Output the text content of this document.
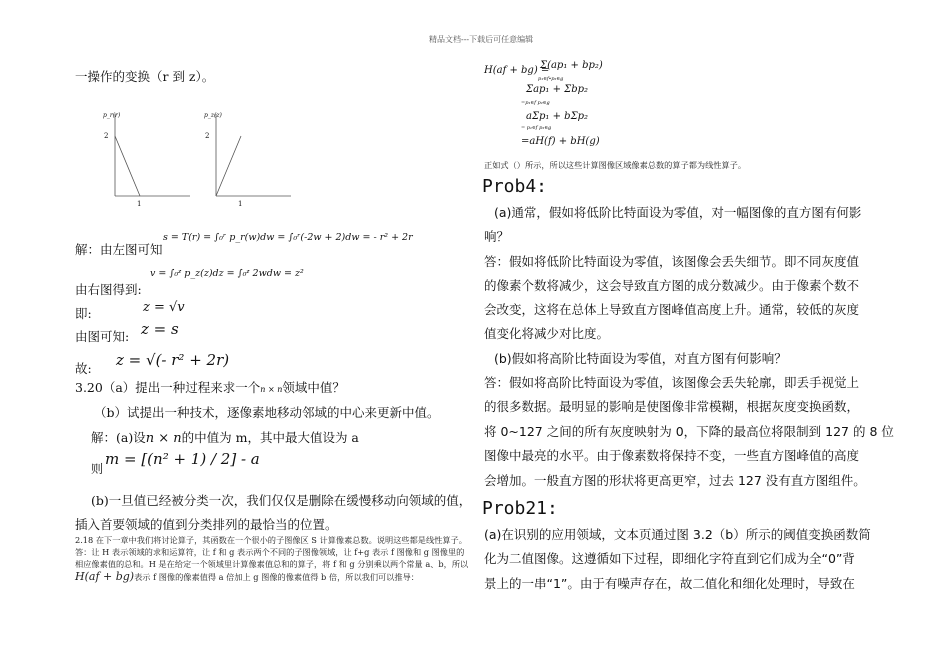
精品文档---下载后可任意编辑
一操作的变换（r 到 z）。
p_r(r)
2
1
p_z(z)
2
1
解：由左图可知
s = T(r) = ∫₀ʳ p_r(w)dw = ∫₀ʳ(-2w + 2)dw = - r² + 2r
由右图得到:
v = ∫₀ᶻ p_z(z)dz = ∫₀ᶻ 2wdw = z²
即:	z = √v
由图可知: z = s
故: z = √(- r² + 2r)
3.20（a）提出一种过程来求一个n × n领域中值？
（b）试提出一种技术，逐像素地移动邻域的中心来更新中值。
解：(a)设n × n的中值为 m，其中最大值设为 a
则
m = [(n² + 1) / 2] - a
(b)一旦值已经被分类一次，我们仅仅是删除在缓慢移动向领域的值，
插入首要领域的值到分类排列的最恰当的位置。
2.18 在下一章中我们将讨论算子，其函数在一个很小的子图像区 S 计算像素总数。说明这些都是线性算子。
答：让 H 表示领域的求和运算符，让 f 和 g 表示两个不同的子图像领域，让 f+g 表示 f 图像和 g 图像里的
相应像素值的总和。H 是在给定一个领域里计算像素值总和的算子，将 f 和 g 分别乘以两个常量 a、b，所以
H(af + bg)表示 f 图像的像素值得 a 倍加上 g 图像的像素值得 b 倍，所以我们可以推导：
H(af + bg) =
Σ(ap₁ + bp₂)
p₁∈f∙p₂∈g
Σap₁ + Σbp₂
=p₁∈f p₂∈g
aΣp₁ + bΣp₂
= p₁∈f p₂∈g
=aH(f) + bH(g)
正如式（）所示，所以这些计算图像区域像素总数的算子都为线性算子。
Prob4:
(a)通常，假如将低阶比特面设为零值，对一幅图像的直方图有何影
响？
答：假如将低阶比特面设为零值，该图像会丢失细节。即不同灰度值
的像素个数将减少，这会导致直方图的成分数减少。由于像素个数不
会改变，这将在总体上导致直方图峰值高度上升。通常，较低的灰度
值变化将减少对比度。
(b)假如将高阶比特面设为零值，对直方图有何影响？
答：假如将高阶比特面设为零值，该图像会丢失轮廓，即丢手视觉上
的很多数据。最明显的影响是使图像非常模糊，根据灰度变换函数，
将 0~127 之间的所有灰度映射为 0，下降的最高位将限制到 127 的 8 位
图像中最亮的水平。由于像素数将保持不变，一些直方图峰值的高度
会增加。一般直方图的形状将更高更窄，过去 127 没有直方图组件。
Prob21:
(a)在识别的应用领域，文本页通过图 3.2（b）所示的阈值变换函数简
化为二值图像。这遵循如下过程，即细化字符直到它们成为全“0”背
景上的一串“1”。由于有噪声存在，故二值化和细化处理时，导致在
